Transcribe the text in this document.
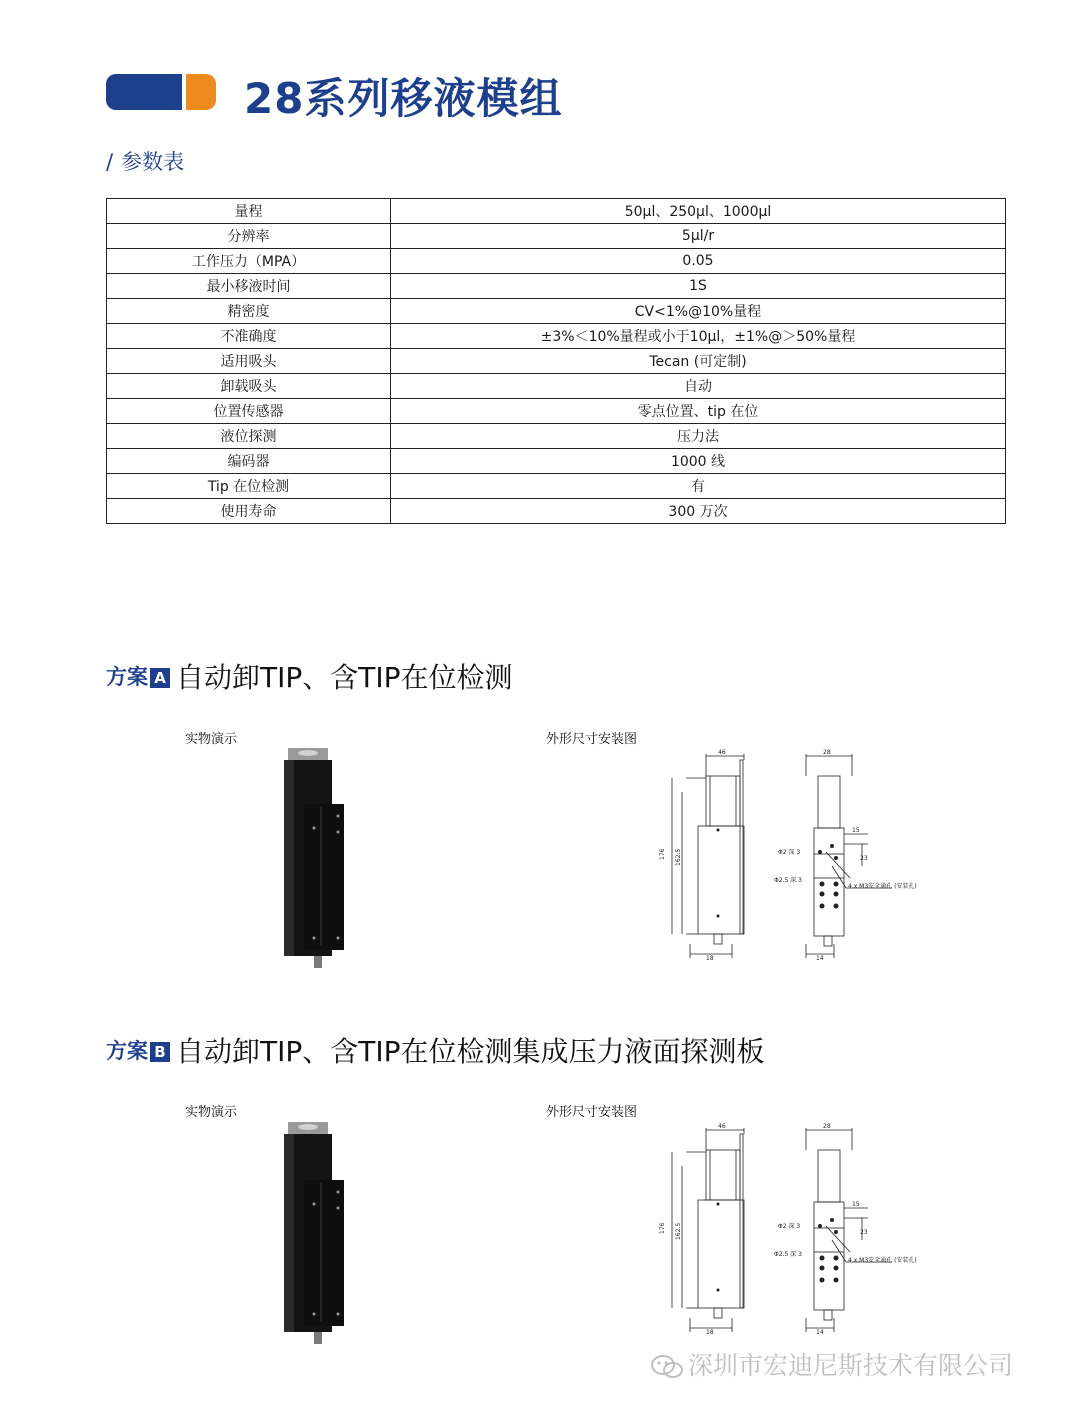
28系列移液模组
/ 参数表
量程	50µl、250µl、1000µl
分辨率	5µl/r
工作压力（MPA）	0.05
最小移液时间	1S
精密度	CV<1%@10%量程
不准确度	±3%＜10%量程或小于10µl，±1%@＞50%量程
适用吸头	Tecan (可定制)
卸载吸头	自动
位置传感器	零点位置、tip 在位
液位探测	压力法
编码器	1000 线
Tip 在位检测	有
使用寿命	300 万次
方案 A 自动卸TIP、含TIP在位检测
实物演示	外形尺寸安装图
46	28
176 162.5
18	14
15
23
Φ2 深 3
Φ2.5 深 3
4 x M3安全通孔 (安装孔)
方案 B 自动卸TIP、含TIP在位检测集成压力液面探测板
实物演示	外形尺寸安装图
46	28
176 162.5
18	14
15
23
Φ2 深 3
Φ2.5 深 3
4 x M3安全通孔 (安装孔)
深圳市宏迪尼斯技术有限公司
